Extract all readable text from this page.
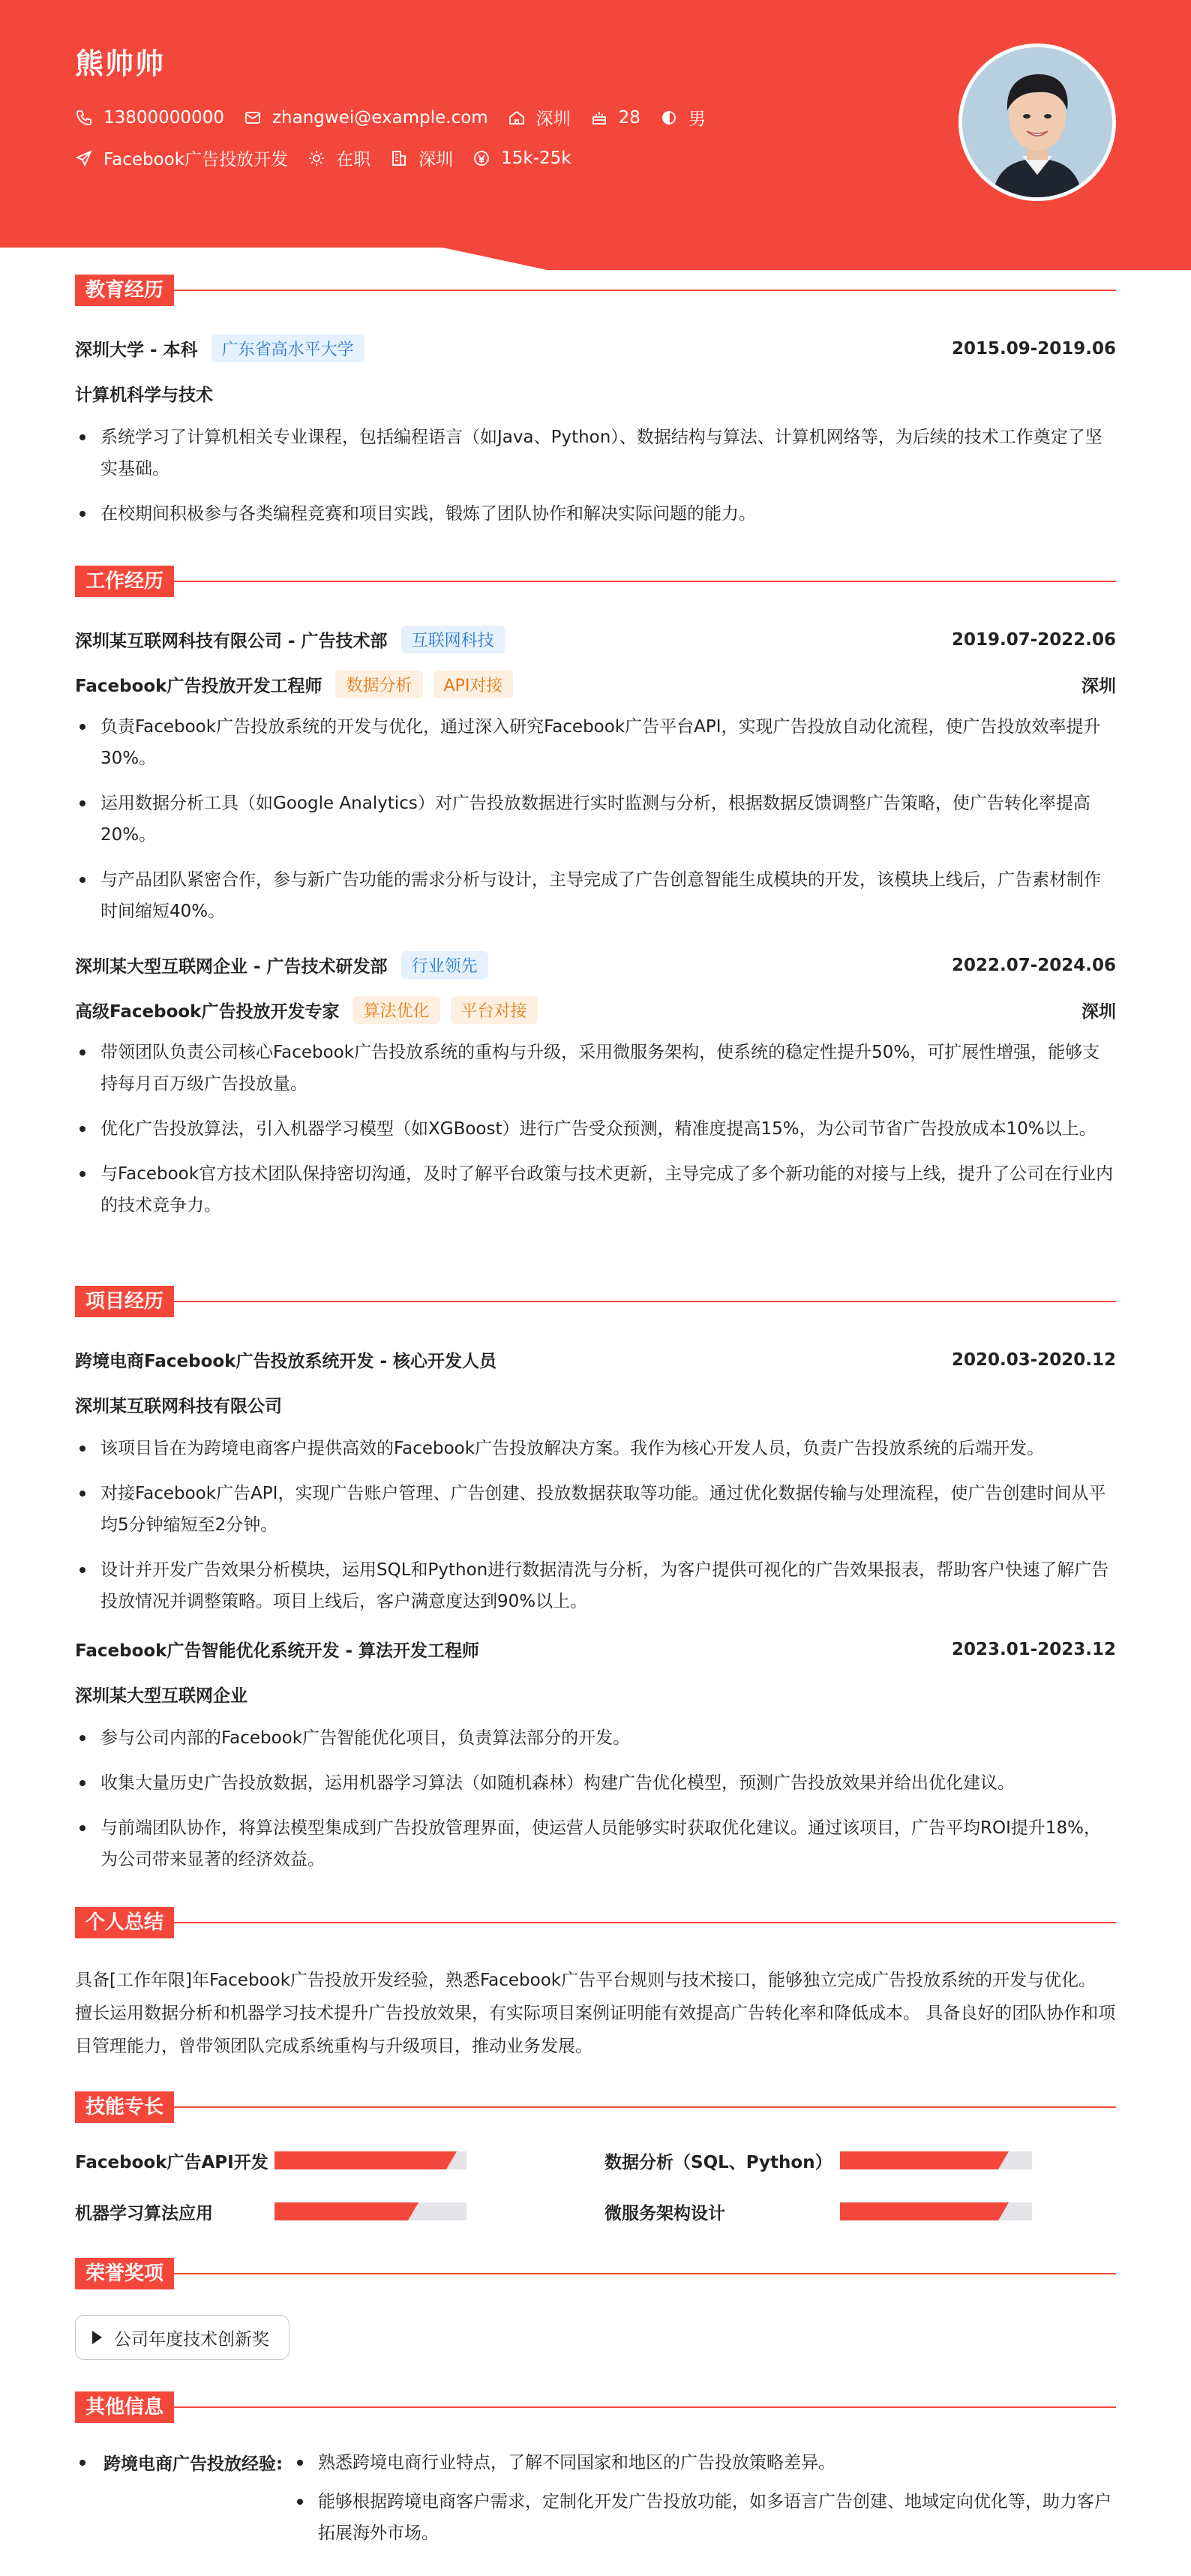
熊帅帅
13800000000	zhangwei@example.com	深圳	28	男
Facebook广告投放开发	在职	深圳	15k-25k
教育经历
深圳大学 - 本科	广东省高水平大学	2015.09-2019.06
计算机科学与技术
系统学习了计算机相关专业课程，包括编程语言（如Java、Python）、数据结构与算法、计算机网络等，为后续的技术工作奠定了坚实基础。
在校期间积极参与各类编程竞赛和项目实践，锻炼了团队协作和解决实际问题的能力。
工作经历
深圳某互联网科技有限公司 - 广告技术部	互联网科技	2019.07-2022.06
Facebook广告投放开发工程师	数据分析	API对接	深圳
负责Facebook广告投放系统的开发与优化，通过深入研究Facebook广告平台API，实现广告投放自动化流程，使广告投放效率提升30%。
运用数据分析工具（如Google Analytics）对广告投放数据进行实时监测与分析，根据数据反馈调整广告策略，使广告转化率提高20%。
与产品团队紧密合作，参与新广告功能的需求分析与设计，主导完成了广告创意智能生成模块的开发，该模块上线后，广告素材制作时间缩短40%。
深圳某大型互联网企业 - 广告技术研发部	行业领先	2022.07-2024.06
高级Facebook广告投放开发专家	算法优化	平台对接	深圳
带领团队负责公司核心Facebook广告投放系统的重构与升级，采用微服务架构，使系统的稳定性提升50%，可扩展性增强，能够支持每月百万级广告投放量。
优化广告投放算法，引入机器学习模型（如XGBoost）进行广告受众预测，精准度提高15%，为公司节省广告投放成本10%以上。
与Facebook官方技术团队保持密切沟通，及时了解平台政策与技术更新，主导完成了多个新功能的对接与上线，提升了公司在行业内的技术竞争力。
项目经历
跨境电商Facebook广告投放系统开发 - 核心开发人员	2020.03-2020.12
深圳某互联网科技有限公司
该项目旨在为跨境电商客户提供高效的Facebook广告投放解决方案。我作为核心开发人员，负责广告投放系统的后端开发。
对接Facebook广告API，实现广告账户管理、广告创建、投放数据获取等功能。通过优化数据传输与处理流程，使广告创建时间从平均5分钟缩短至2分钟。
设计并开发广告效果分析模块，运用SQL和Python进行数据清洗与分析，为客户提供可视化的广告效果报表，帮助客户快速了解广告投放情况并调整策略。项目上线后，客户满意度达到90%以上。
Facebook广告智能优化系统开发 - 算法开发工程师	2023.01-2023.12
深圳某大型互联网企业
参与公司内部的Facebook广告智能优化项目，负责算法部分的开发。
收集大量历史广告投放数据，运用机器学习算法（如随机森林）构建广告优化模型，预测广告投放效果并给出优化建议。
与前端团队协作，将算法模型集成到广告投放管理界面，使运营人员能够实时获取优化建议。通过该项目，广告平均ROI提升18%，为公司带来显著的经济效益。
个人总结
具备[工作年限]年Facebook广告投放开发经验，熟悉Facebook广告平台规则与技术接口，能够独立完成广告投放系统的开发与优化。 擅长运用数据分析和机器学习技术提升广告投放效果，有实际项目案例证明能有效提高广告转化率和降低成本。 具备良好的团队协作和项目管理能力，曾带领团队完成系统重构与升级项目，推动业务发展。
技能专长
Facebook广告API开发	数据分析（SQL、Python）
机器学习算法应用	微服务架构设计
荣誉奖项
公司年度技术创新奖
其他信息
跨境电商广告投放经验:	熟悉跨境电商行业特点，了解不同国家和地区的广告投放策略差异。
能够根据跨境电商客户需求，定制化开发广告投放功能，如多语言广告创建、地域定向优化等，助力客户拓展海外市场。
